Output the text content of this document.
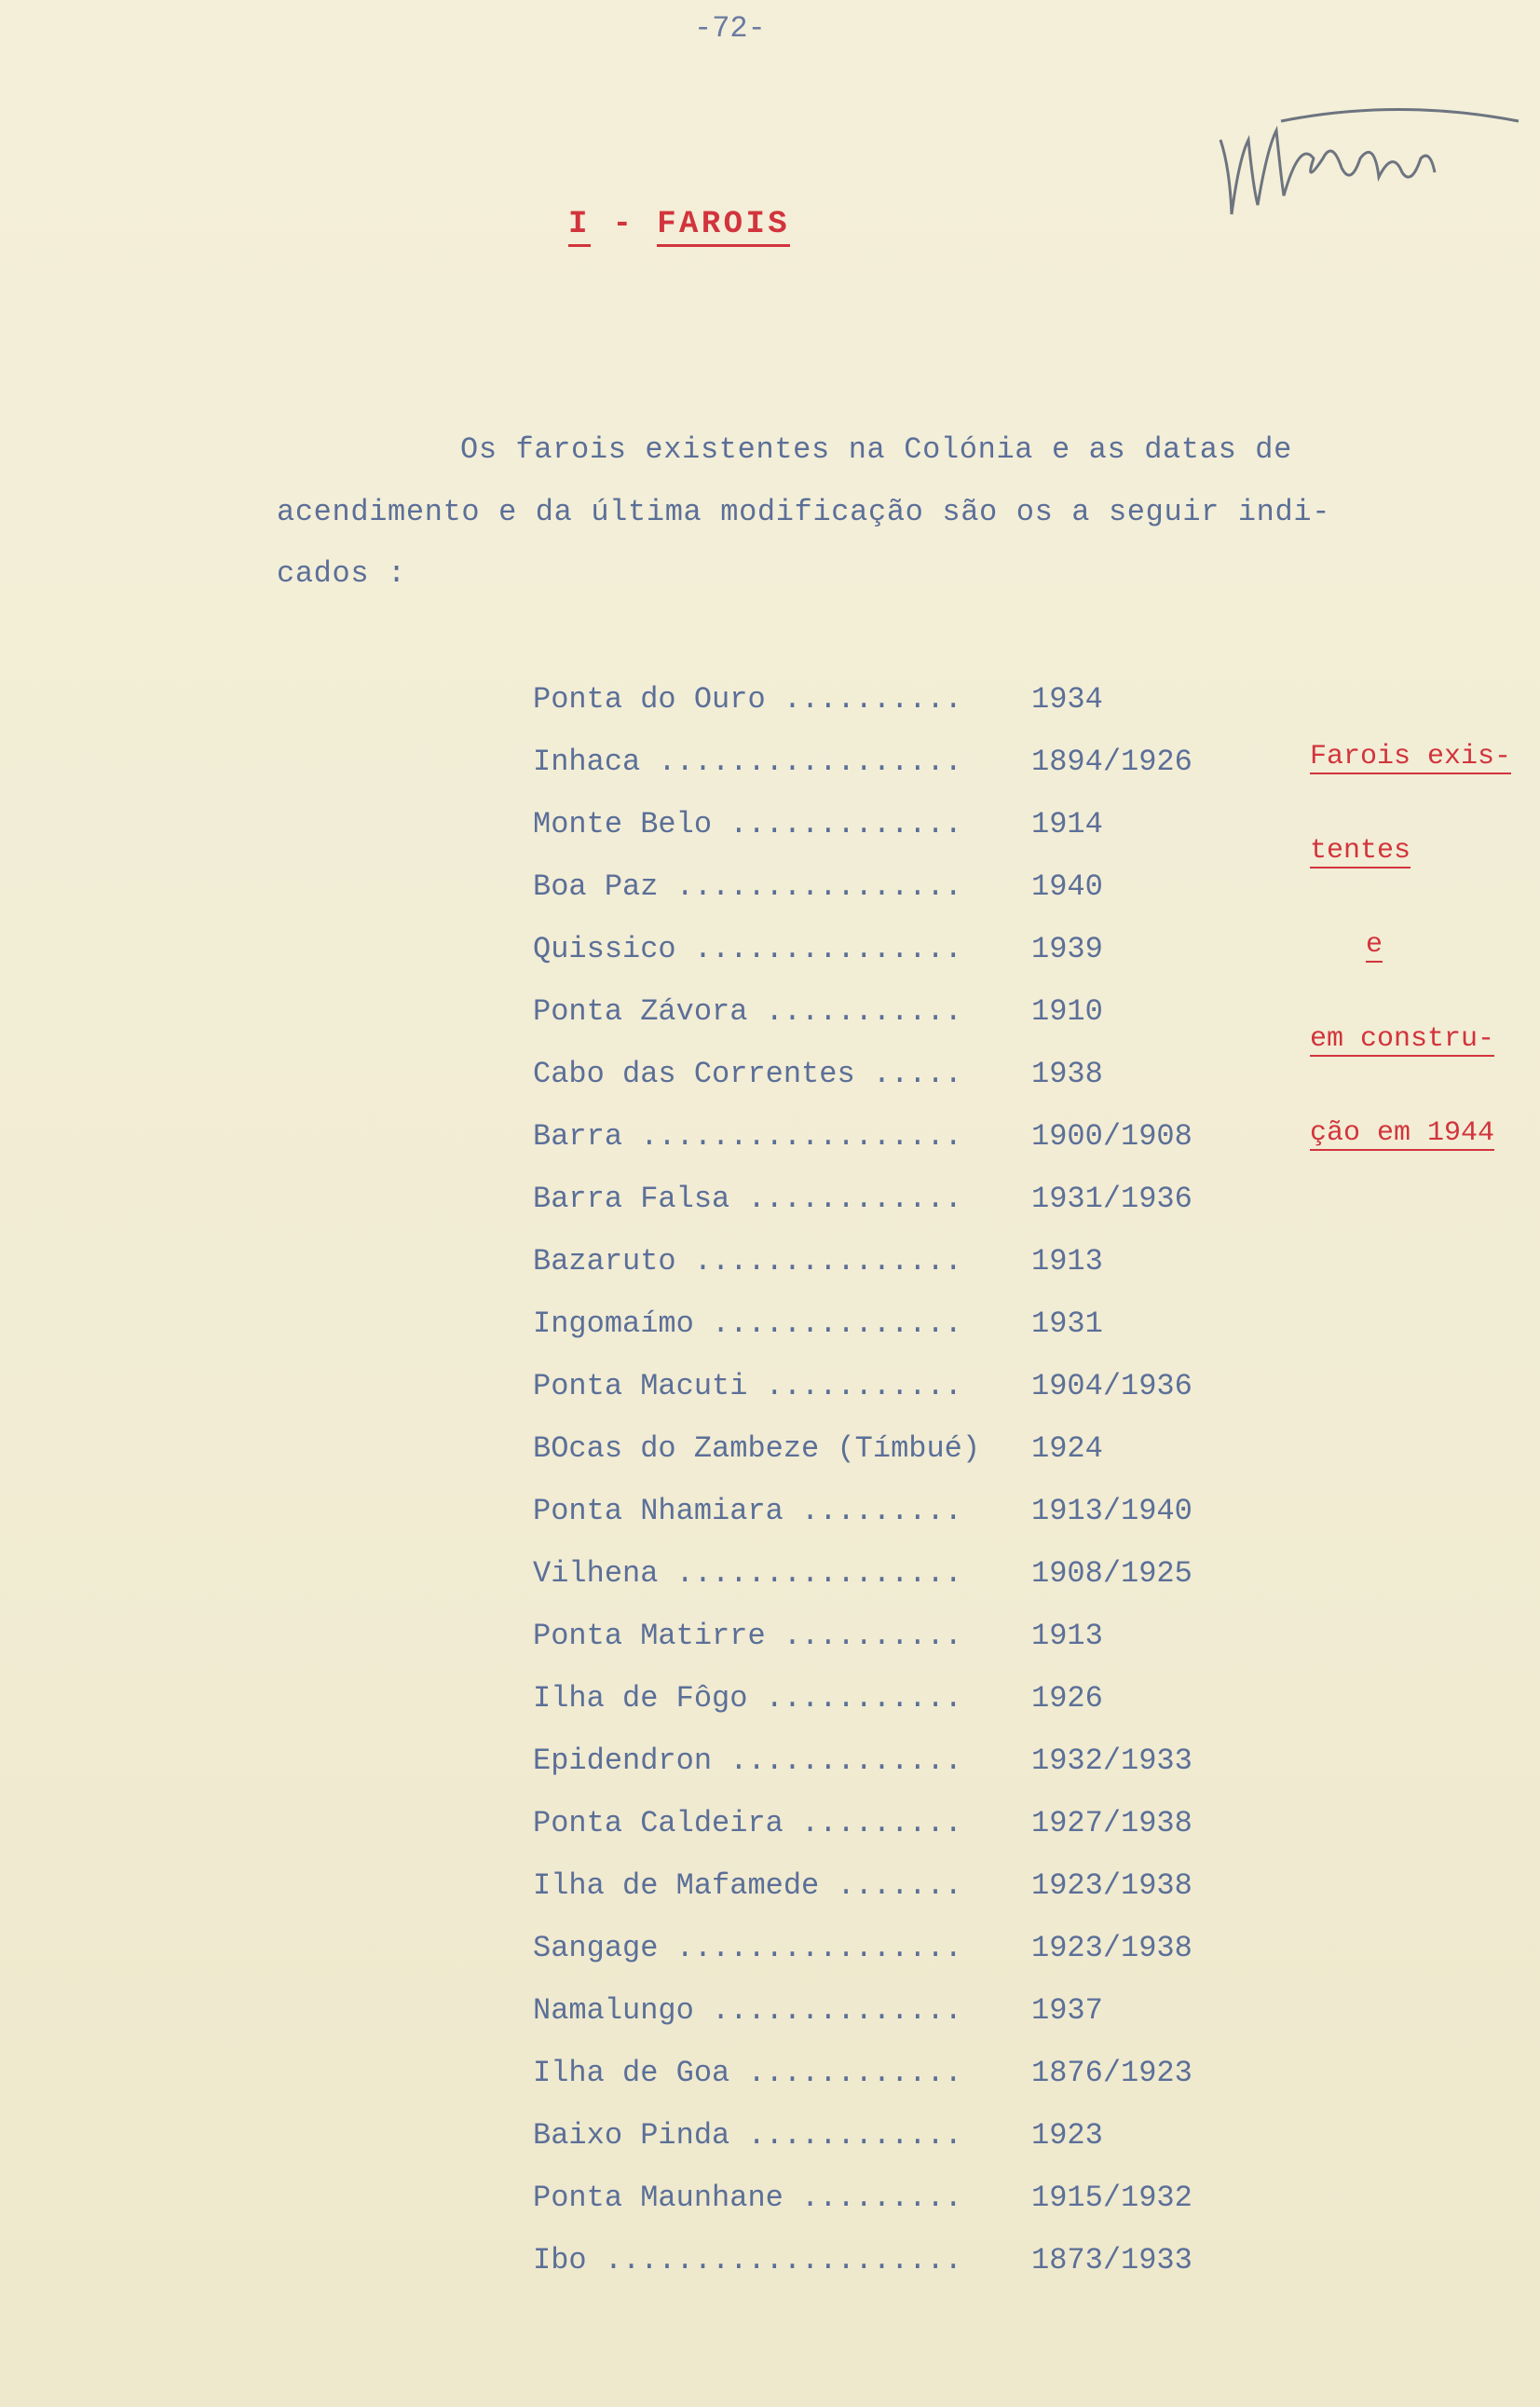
-72-
I - FAROIS
Os farois existentes na Colónia e as datas de
acendimento e da última modificação são os a seguir indi-
cados :
Ponta do Ouro .......... 1934
Inhaca ................. 1894/1926
Monte Belo ............. 1914
Boa Paz ................ 1940
Quissico ............... 1939
Ponta Závora ........... 1910
Cabo das Correntes ..... 1938
Barra .................. 1900/1908
Barra Falsa ............ 1931/1936
Bazaruto ............... 1913
Ingomaímo .............. 1931
Ponta Macuti ........... 1904/1936
BOcas do Zambeze (Tímbué) 1924
Ponta Nhamiara ......... 1913/1940
Vilhena ................ 1908/1925
Ponta Matirre .......... 1913
Ilha de Fôgo ........... 1926
Epidendron ............. 1932/1933
Ponta Caldeira ......... 1927/1938
Ilha de Mafamede ....... 1923/1938
Sangage ................ 1923/1938
Namalungo .............. 1937
Ilha de Goa ............ 1876/1923
Baixo Pinda ............ 1923
Ponta Maunhane ......... 1915/1932
Ibo .................... 1873/1933

Farois exis-

tentes

e

em constru-

ção em 1944
